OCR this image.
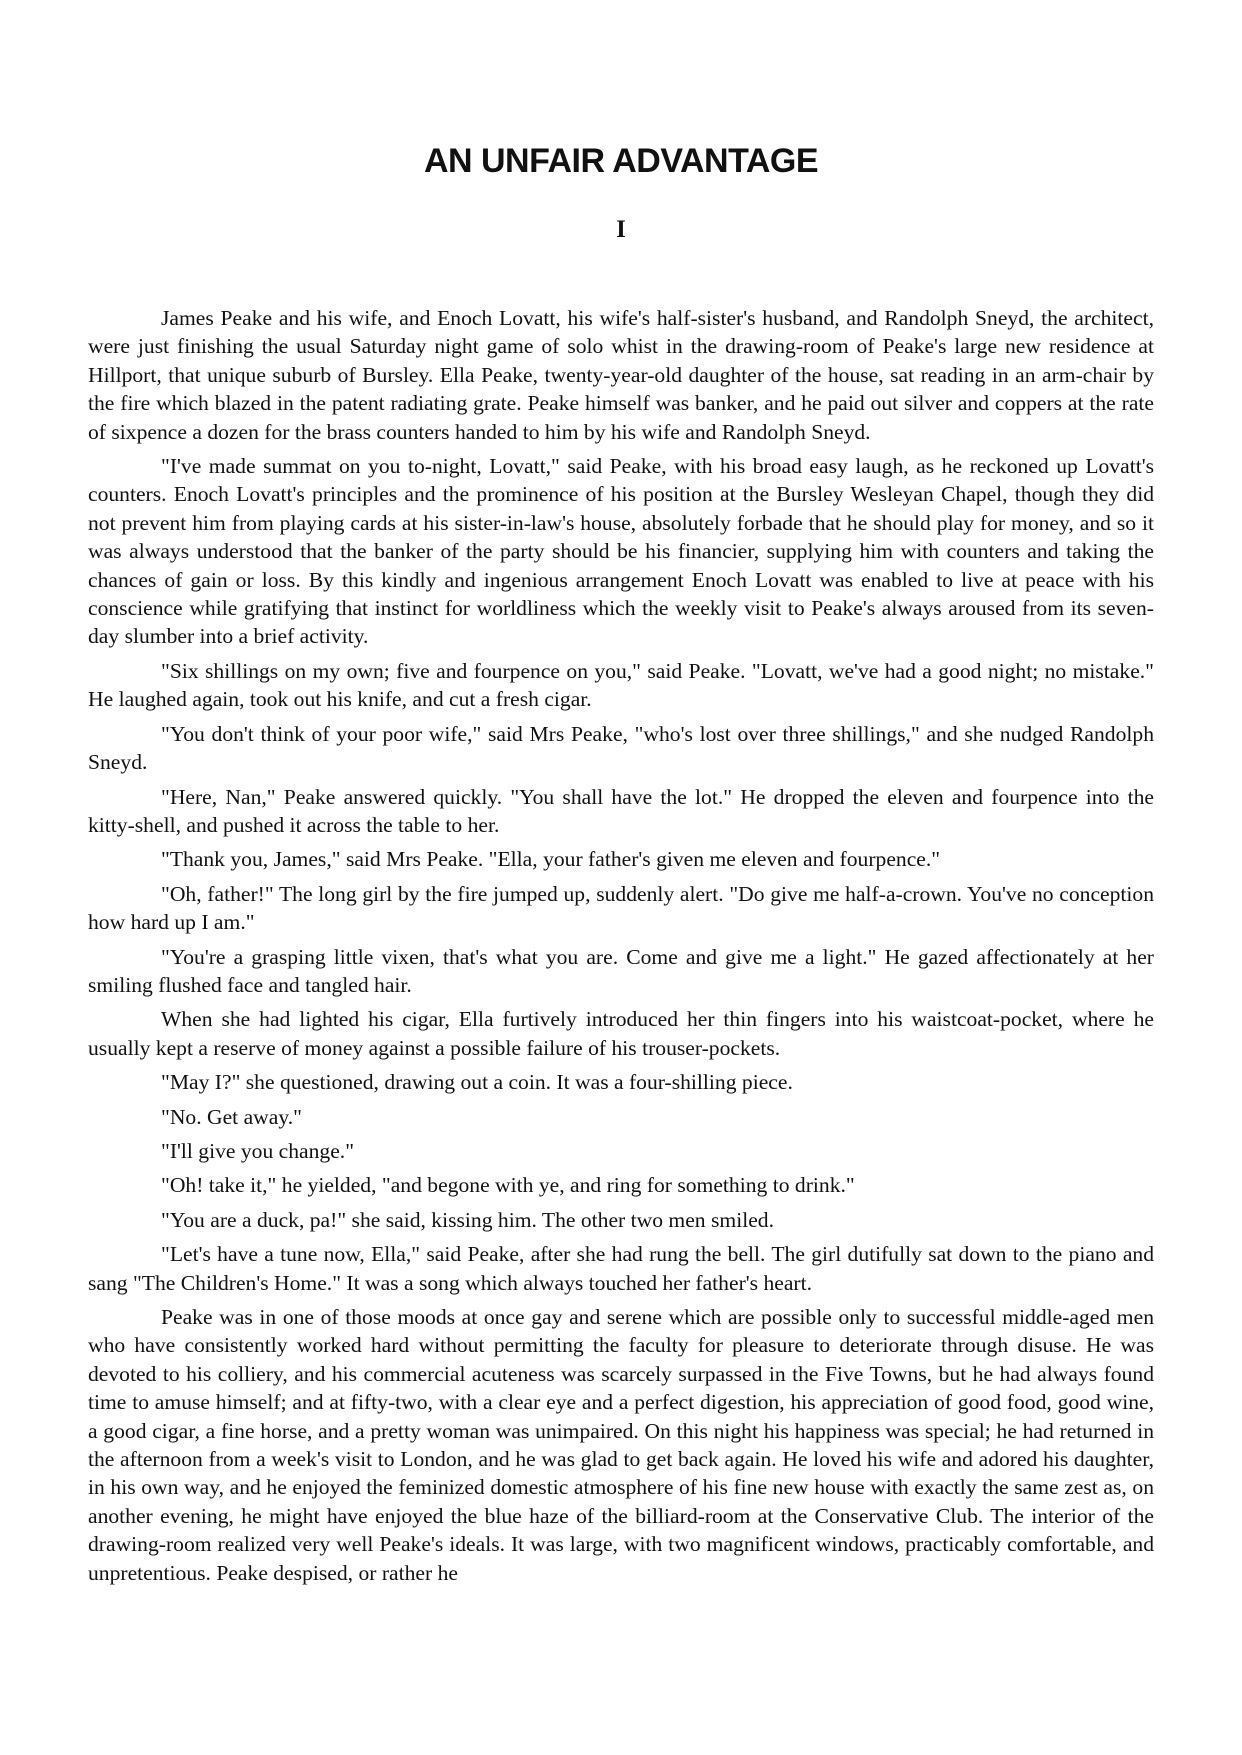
AN UNFAIR ADVANTAGE
I

James Peake and his wife, and Enoch Lovatt, his wife's half-sister's husband, and Randolph Sneyd, the architect, were just finishing the usual Saturday night game of solo whist in the drawing-room of Peake's large new residence at Hillport, that unique suburb of Bursley. Ella Peake, twenty-year-old daughter of the house, sat reading in an arm-chair by the fire which blazed in the patent radiating grate. Peake himself was banker, and he paid out silver and coppers at the rate of sixpence a dozen for the brass counters handed to him by his wife and Randolph Sneyd.

"I've made summat on you to-night, Lovatt," said Peake, with his broad easy laugh, as he reckoned up Lovatt's counters. Enoch Lovatt's principles and the prominence of his position at the Bursley Wesleyan Chapel, though they did not prevent him from playing cards at his sister-in-law's house, absolutely forbade that he should play for money, and so it was always understood that the banker of the party should be his financier, supplying him with counters and taking the chances of gain or loss. By this kindly and ingenious arrangement Enoch Lovatt was enabled to live at peace with his conscience while gratifying that instinct for worldliness which the weekly visit to Peake's always aroused from its seven-day slumber into a brief activity.

"Six shillings on my own; five and fourpence on you," said Peake. "Lovatt, we've had a good night; no mistake." He laughed again, took out his knife, and cut a fresh cigar.

"You don't think of your poor wife," said Mrs Peake, "who's lost over three shillings," and she nudged Randolph Sneyd.

"Here, Nan," Peake answered quickly. "You shall have the lot." He dropped the eleven and fourpence into the kitty-shell, and pushed it across the table to her.

"Thank you, James," said Mrs Peake. "Ella, your father's given me eleven and fourpence."

"Oh, father!" The long girl by the fire jumped up, suddenly alert. "Do give me half-a-crown. You've no conception how hard up I am."

"You're a grasping little vixen, that's what you are. Come and give me a light." He gazed affectionately at her smiling flushed face and tangled hair.

When she had lighted his cigar, Ella furtively introduced her thin fingers into his waistcoat-pocket, where he usually kept a reserve of money against a possible failure of his trouser-pockets.

"May I?" she questioned, drawing out a coin. It was a four-shilling piece.

"No. Get away."

"I'll give you change."

"Oh! take it," he yielded, "and begone with ye, and ring for something to drink."

"You are a duck, pa!" she said, kissing him. The other two men smiled.

"Let's have a tune now, Ella," said Peake, after she had rung the bell. The girl dutifully sat down to the piano and sang "The Children's Home." It was a song which always touched her father's heart.

Peake was in one of those moods at once gay and serene which are possible only to successful middle-aged men who have consistently worked hard without permitting the faculty for pleasure to deteriorate through disuse. He was devoted to his colliery, and his commercial acuteness was scarcely surpassed in the Five Towns, but he had always found time to amuse himself; and at fifty-two, with a clear eye and a perfect digestion, his appreciation of good food, good wine, a good cigar, a fine horse, and a pretty woman was unimpaired. On this night his happiness was special; he had returned in the afternoon from a week's visit to London, and he was glad to get back again. He loved his wife and adored his daughter, in his own way, and he enjoyed the feminized domestic atmosphere of his fine new house with exactly the same zest as, on another evening, he might have enjoyed the blue haze of the billiard-room at the Conservative Club. The interior of the drawing-room realized very well Peake's ideals. It was large, with two magnificent windows, practicably comfortable, and unpretentious. Peake despised, or rather he
